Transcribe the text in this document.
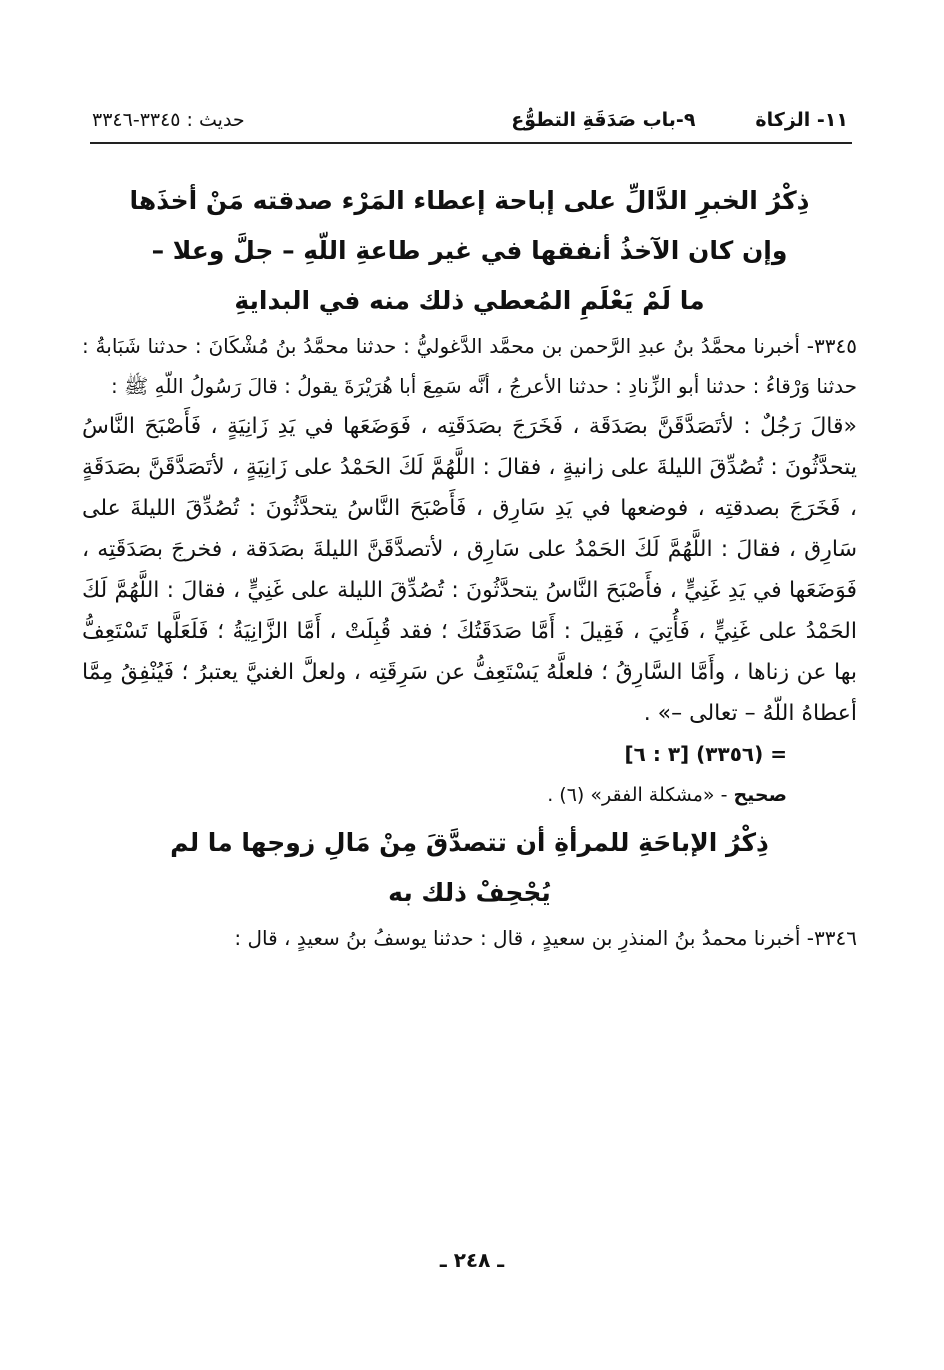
١١- الزكاة
٩-باب صَدَقَةِ التطوُّع
حديث : ٣٣٤٥-٣٣٤٦
ذِكْرُ الخبرِ الدَّالِّ على إباحة إعطاء المَرْء صدقته مَنْ أخذَها
وإن كان الآخذُ أنفقها في غير طاعةِ اللّهِ – جلَّ وعلا –
ما لَمْ يَعْلَمِ المُعطي ذلك منه في البدايةِ

٣٣٤٥- أخبرنا محمَّدُ بنُ عبدِ الرَّحمن بن محمَّد الدَّغوليُّ : حدثنا محمَّدُ بنُ مُشْكَانَ : حدثنا شَبَابةُ : حدثنا وَرْقاءُ : حدثنا أبو الزِّنادِ : حدثنا الأعرجُ ، أنَّه سَمِعَ أبا هُرَيْرَةَ يقولُ : قالَ رَسُولُ اللّهِ ﷺ :

«قالَ رَجُلٌ : لأتَصَدَّقَنَّ بصَدَقَة ، فَخَرَجَ بصَدَقَتِه ، فَوَضَعَها في يَدِ زَانِيَةٍ ، فَأَصْبَحَ النَّاسُ يتحدَّثُونَ : تُصُدِّقَ الليلةَ على زانيةٍ ، فقالَ : اللَّهُمَّ لَكَ الحَمْدُ على زَانِيَةٍ ، لأتَصَدَّقَنَّ بصَدَقَةٍ ، فَخَرَجَ بصدقتِه ، فوضعها في يَدِ سَارِق ، فَأَصْبَحَ النَّاسُ يتحدَّثُونَ : تُصُدِّقَ الليلةَ على سَارِق ، فقالَ : اللَّهُمَّ لَكَ الحَمْدُ على سَارِق ، لأتصدَّقَنَّ الليلةَ بصَدَقة ، فخرجَ بصَدَقَتِه ، فَوَضَعَها في يَدِ غَنِيٍّ ، فأَصْبَحَ النَّاسُ يتحدَّثُونَ : تُصُدِّقَ الليلة على غَنِيٍّ ، فقالَ : اللَّهُمَّ لَكَ الحَمْدُ على غَنِيٍّ ، فَأُتِيَ ، فَقِيلَ : أَمَّا صَدَقَتُكَ ؛ فقد قُبِلَتْ ، أَمَّا الزَّانِيَةُ ؛ فَلَعَلَّها تَسْتَعِفُّ بها عن زناها ، وأَمَّا السَّارِقُ ؛ فلعلَّهُ يَسْتَعِفُّ عن سَرِقَتِه ، ولعلَّ الغنيَّ يعتبرُ ؛ فَيُنْفِقُ مِمَّا أعطاهُ اللّهُ – تعالى –» .

= (٣٣٥٦) [٣ : ٦]

صحيح - «مشكلة الفقر» (٦) .

ذِكْرُ الإباحَةِ للمرأةِ أن تتصدَّقَ مِنْ مَالِ زوجها ما لم
يُجْحِفْ ذلك به

٣٣٤٦- أخبرنا محمدُ بنُ المنذرِ بن سعيدٍ ، قال : حدثنا يوسفُ بنُ سعيدٍ ، قال :

ـ ٢٤٨ ـ
